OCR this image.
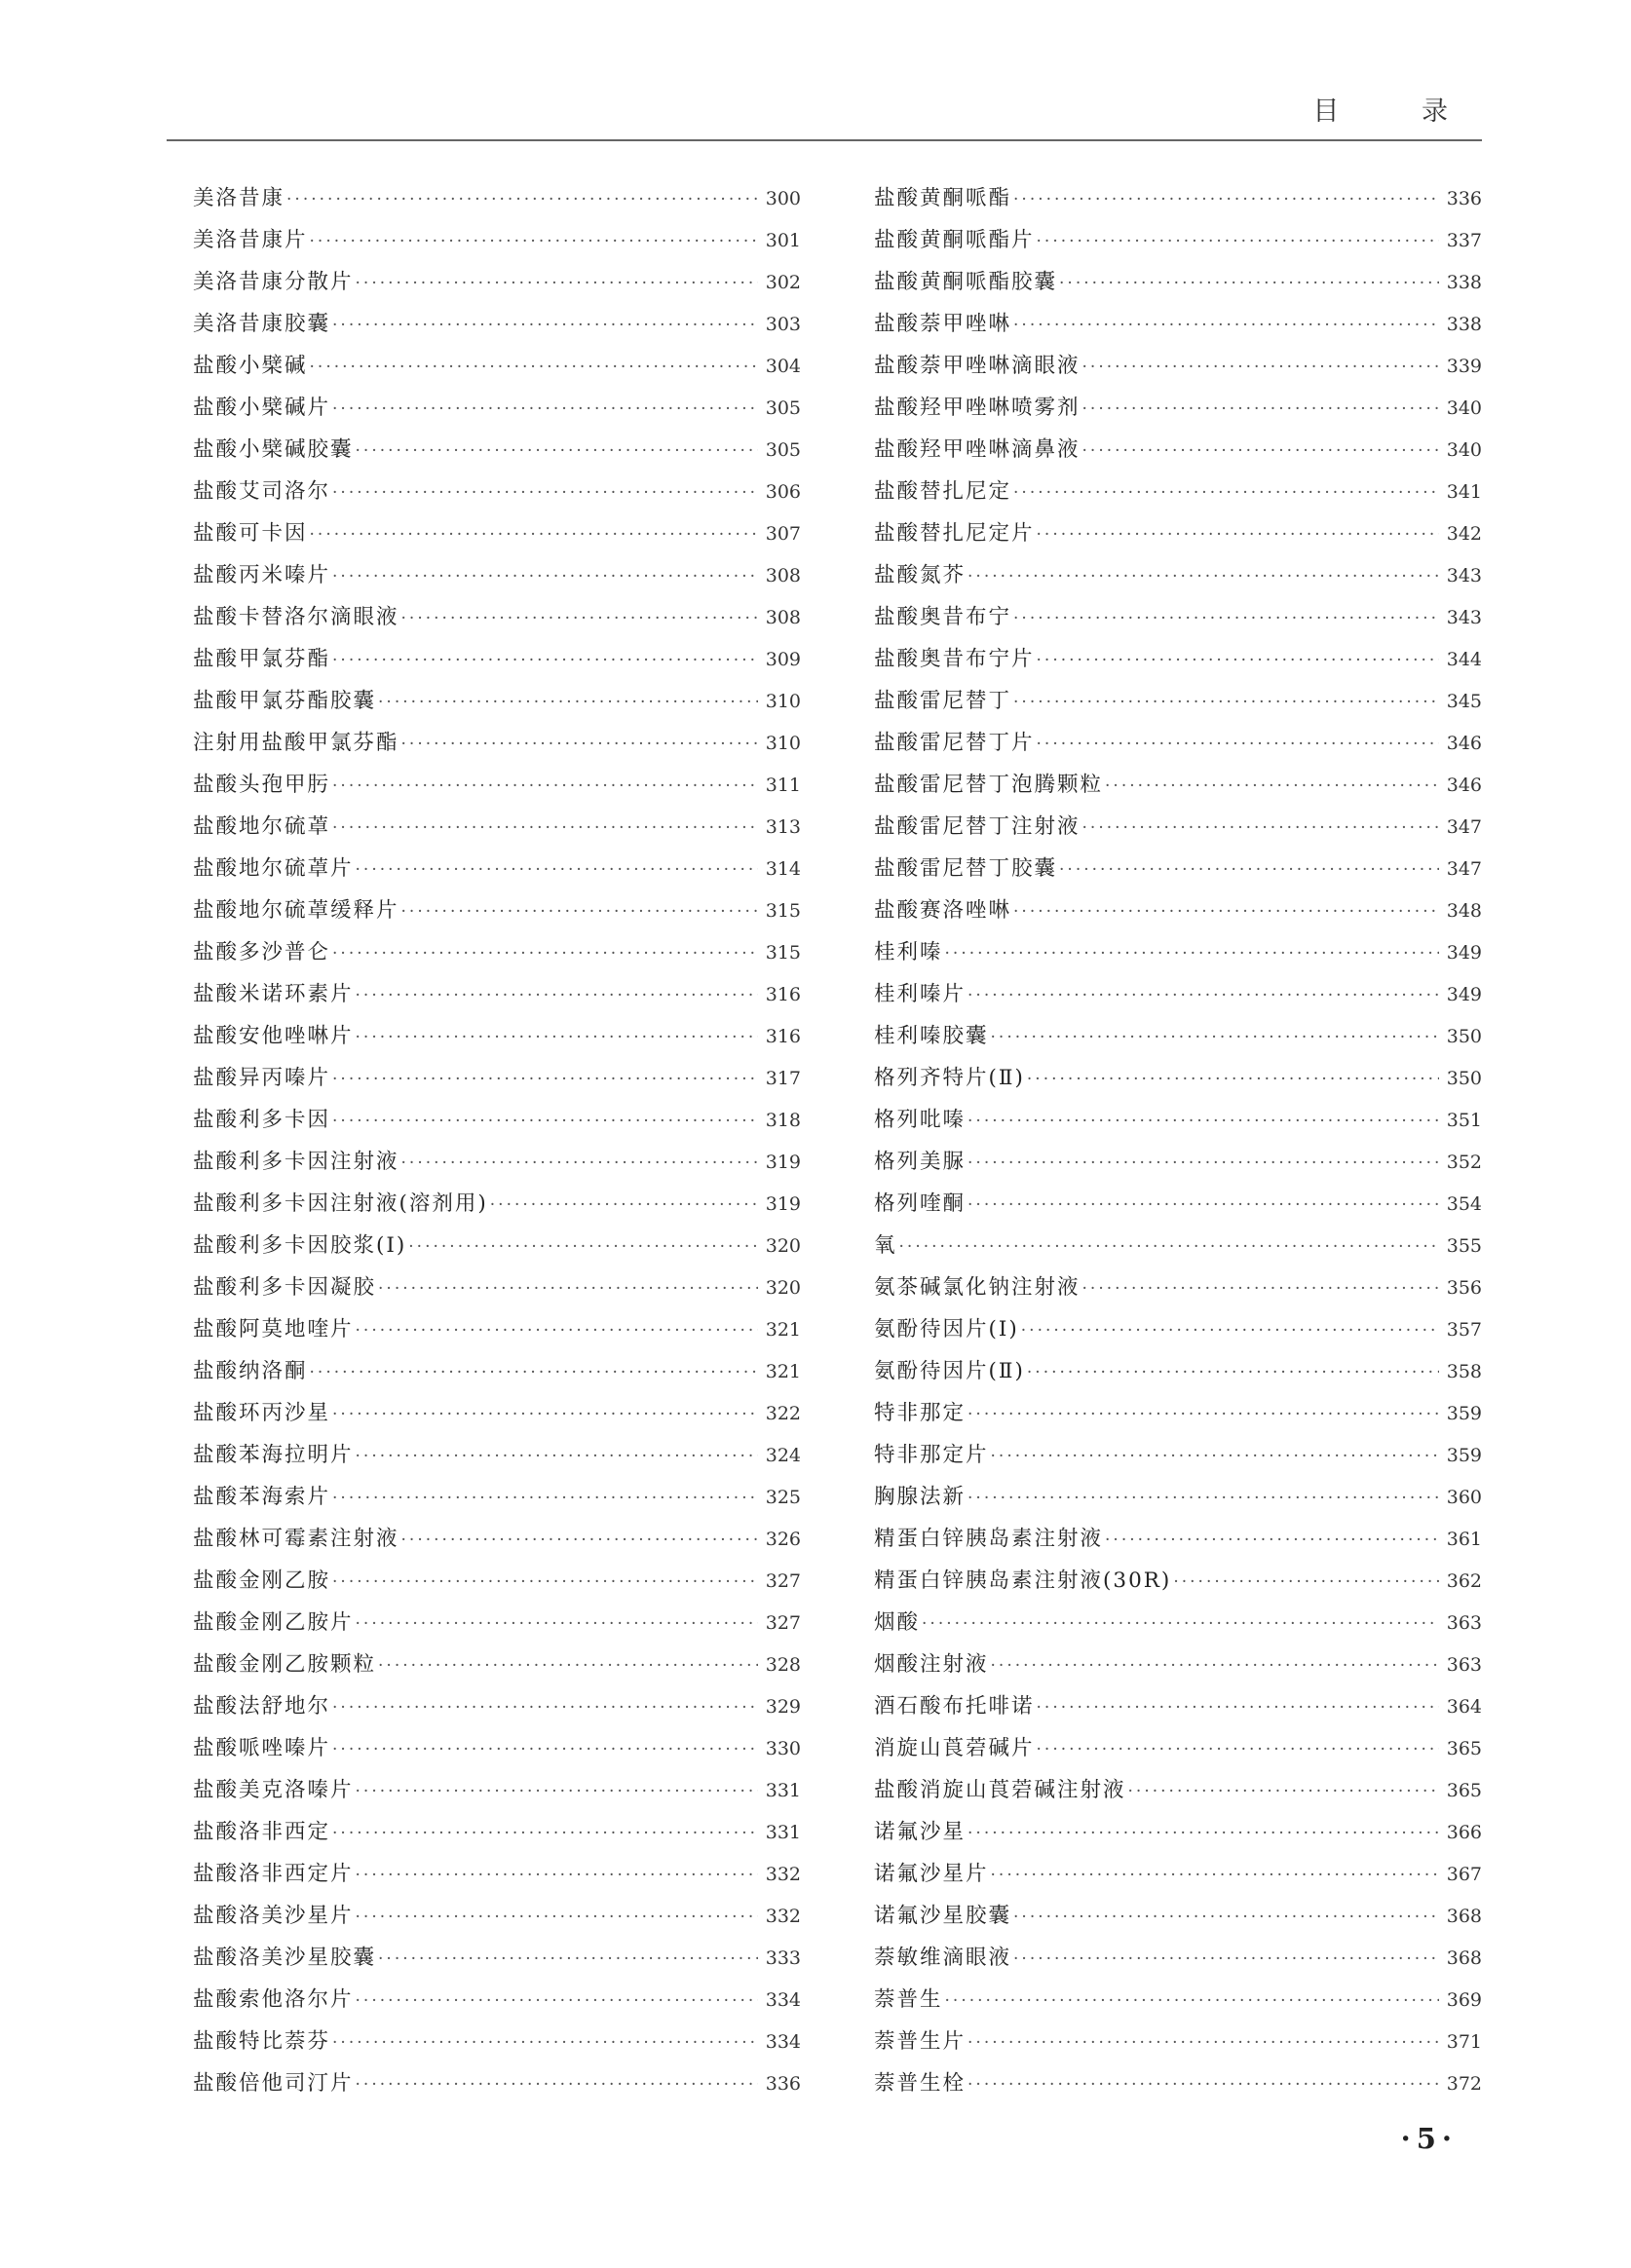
目 录
美洛昔康 ·····	300
美洛昔康片 ·····	301
美洛昔康分散片 ·····	302
美洛昔康胶囊 ·····	303
盐酸小檗碱 ·····	304
盐酸小檗碱片 ·····	305
盐酸小檗碱胶囊 ·····	305
盐酸艾司洛尔 ·····	306
盐酸可卡因 ·····	307
盐酸丙米嗪片 ·····	308
盐酸卡替洛尔滴眼液 ·····	308
盐酸甲氯芬酯 ·····	309
盐酸甲氯芬酯胶囊 ·····	310
注射用盐酸甲氯芬酯 ·····	310
盐酸头孢甲肟 ·····	311
盐酸地尔硫䓬 ·····	313
盐酸地尔硫䓬片 ·····	314
盐酸地尔硫䓬缓释片 ·····	315
盐酸多沙普仑 ·····	315
盐酸米诺环素片 ·····	316
盐酸安他唑啉片 ·····	316
盐酸异丙嗪片 ·····	317
盐酸利多卡因 ·····	318
盐酸利多卡因注射液 ·····	319
盐酸利多卡因注射液(溶剂用) ·····	319
盐酸利多卡因胶浆(Ⅰ) ·····	320
盐酸利多卡因凝胶 ·····	320
盐酸阿莫地喹片 ·····	321
盐酸纳洛酮 ·····	321
盐酸环丙沙星 ·····	322
盐酸苯海拉明片 ·····	324
盐酸苯海索片 ·····	325
盐酸林可霉素注射液 ·····	326
盐酸金刚乙胺 ·····	327
盐酸金刚乙胺片 ·····	327
盐酸金刚乙胺颗粒 ·····	328
盐酸法舒地尔 ·····	329
盐酸哌唑嗪片 ·····	330
盐酸美克洛嗪片 ·····	331
盐酸洛非西定 ·····	331
盐酸洛非西定片 ·····	332
盐酸洛美沙星片 ·····	332
盐酸洛美沙星胶囊 ·····	333
盐酸索他洛尔片 ·····	334
盐酸特比萘芬 ·····	334
盐酸倍他司汀片 ·····	336
盐酸黄酮哌酯 ·····	336
盐酸黄酮哌酯片 ·····	337
盐酸黄酮哌酯胶囊 ·····	338
盐酸萘甲唑啉 ·····	338
盐酸萘甲唑啉滴眼液 ·····	339
盐酸羟甲唑啉喷雾剂 ·····	340
盐酸羟甲唑啉滴鼻液 ·····	340
盐酸替扎尼定 ·····	341
盐酸替扎尼定片 ·····	342
盐酸氮芥 ·····	343
盐酸奥昔布宁 ·····	343
盐酸奥昔布宁片 ·····	344
盐酸雷尼替丁 ·····	345
盐酸雷尼替丁片 ·····	346
盐酸雷尼替丁泡腾颗粒 ·····	346
盐酸雷尼替丁注射液 ·····	347
盐酸雷尼替丁胶囊 ·····	347
盐酸赛洛唑啉 ·····	348
桂利嗪 ·····	349
桂利嗪片 ·····	349
桂利嗪胶囊 ·····	350
格列齐特片(Ⅱ) ·····	350
格列吡嗪 ·····	351
格列美脲 ·····	352
格列喹酮 ·····	354
氧 ·····	355
氨茶碱氯化钠注射液 ·····	356
氨酚待因片(Ⅰ) ·····	357
氨酚待因片(Ⅱ) ·····	358
特非那定 ·····	359
特非那定片 ·····	359
胸腺法新 ·····	360
精蛋白锌胰岛素注射液 ·····	361
精蛋白锌胰岛素注射液(30R) ·····	362
烟酸 ·····	363
烟酸注射液 ·····	363
酒石酸布托啡诺 ·····	364
消旋山莨菪碱片 ·····	365
盐酸消旋山莨菪碱注射液 ·····	365
诺氟沙星 ·····	366
诺氟沙星片 ·····	367
诺氟沙星胶囊 ·····	368
萘敏维滴眼液 ·····	368
萘普生 ·····	369
萘普生片 ·····	371
萘普生栓 ·····	372
·5·
